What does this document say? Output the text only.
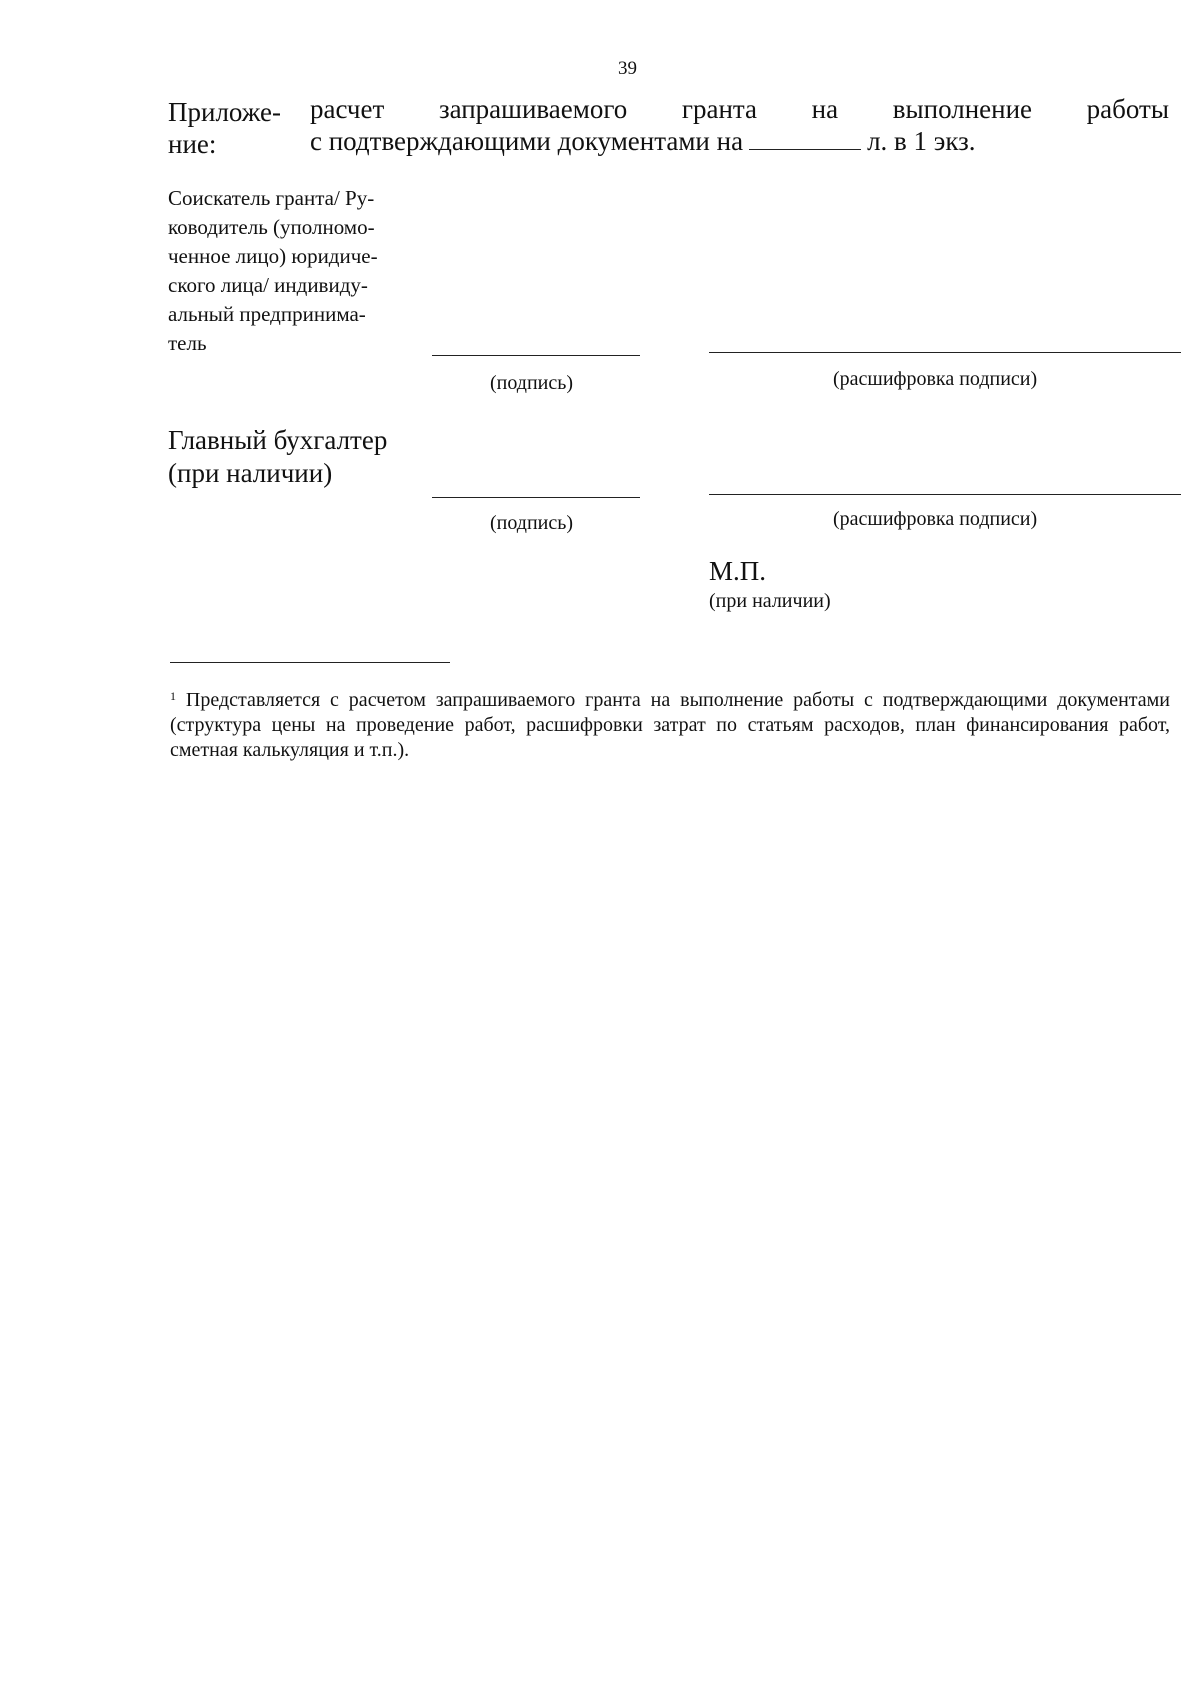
39
Приложе-
ние:
расчет запрашиваемого гранта на выполнение работы
с подтверждающими документами на	л. в 1 экз.
Соискатель гранта/ Ру-
ководитель (уполномо-
ченное лицо) юридиче-
ского лица/ индивиду-
альный предпринима-
тель
(подпись)	(расшифровка подписи)
Главный бухгалтер
(при наличии)
(подпись)	(расшифровка подписи)
М.П.
(при наличии)
$^1$ Представляется с расчетом запрашиваемого гранта на выполнение работы с подтверждающими документами (структура цены на проведение работ, расшифровки затрат по статьям расходов, план финансирования работ, сметная калькуляция и т.п.).
